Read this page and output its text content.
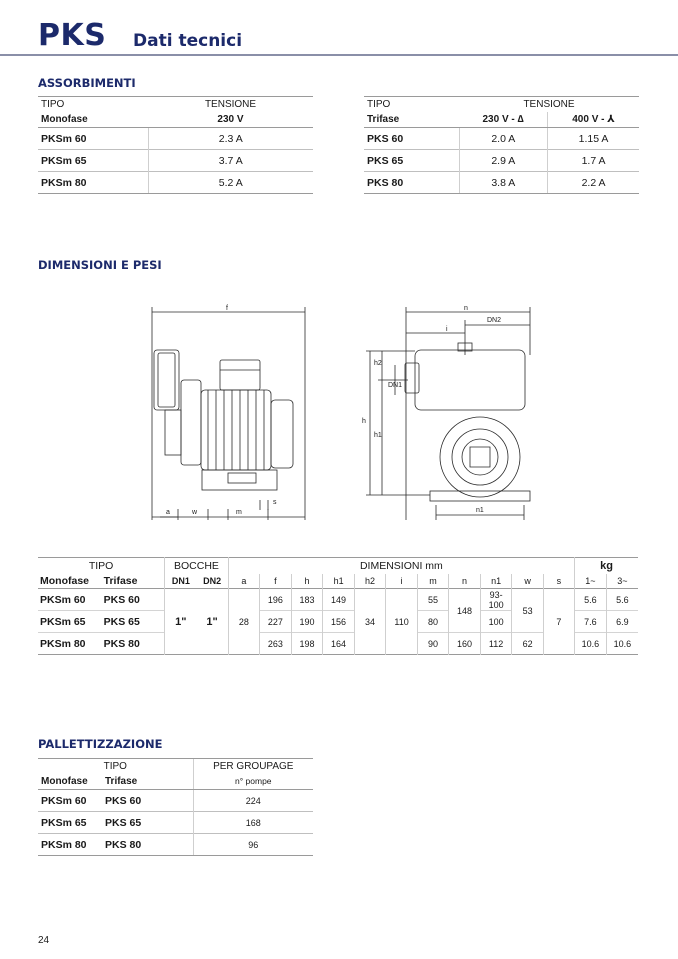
PKS Dati tecnici
ASSORBIMENTI
TIPO	TENSIONE
Monofase	230 V
PKSm 60	2.3 A
PKSm 65	3.7 A
PKSm 80	5.2 A
TIPO	TENSIONE	
Trifase	230 V - ∆	400 V - ⅄
PKS 60	2.0 A	1.15 A
PKS 65	2.9 A	1.7 A
PKS 80	3.8 A	2.2 A
DIMENSIONI E PESI
f
a	w	m
s
n
i
DN2
DN1
h
h1
h2
n1
TIPO		BOCCHE		DIMENSIONI mm											kg	
Monofase	Trifase	DN1	DN2	a	f	h	h1	h2	i	m	n	n1	w	s	1~	3~
PKSm 60	PKS 60	1"	1"	28	196	183	149	34	110	55	148	93-100	53	7	5.6	5.6
PKSm 65	PKS 65				227	190	156			80		100			7.6	6.9
PKSm 80	PKS 80				263	198	164			90	160	112	62		10.6	10.6
PALLETTIZZAZIONE
TIPO		PER GROUPAGE
Monofase	Trifase	n° pompe
PKSm 60	PKS 60	224
PKSm 65	PKS 65	168
PKSm 80	PKS 80	96
24
